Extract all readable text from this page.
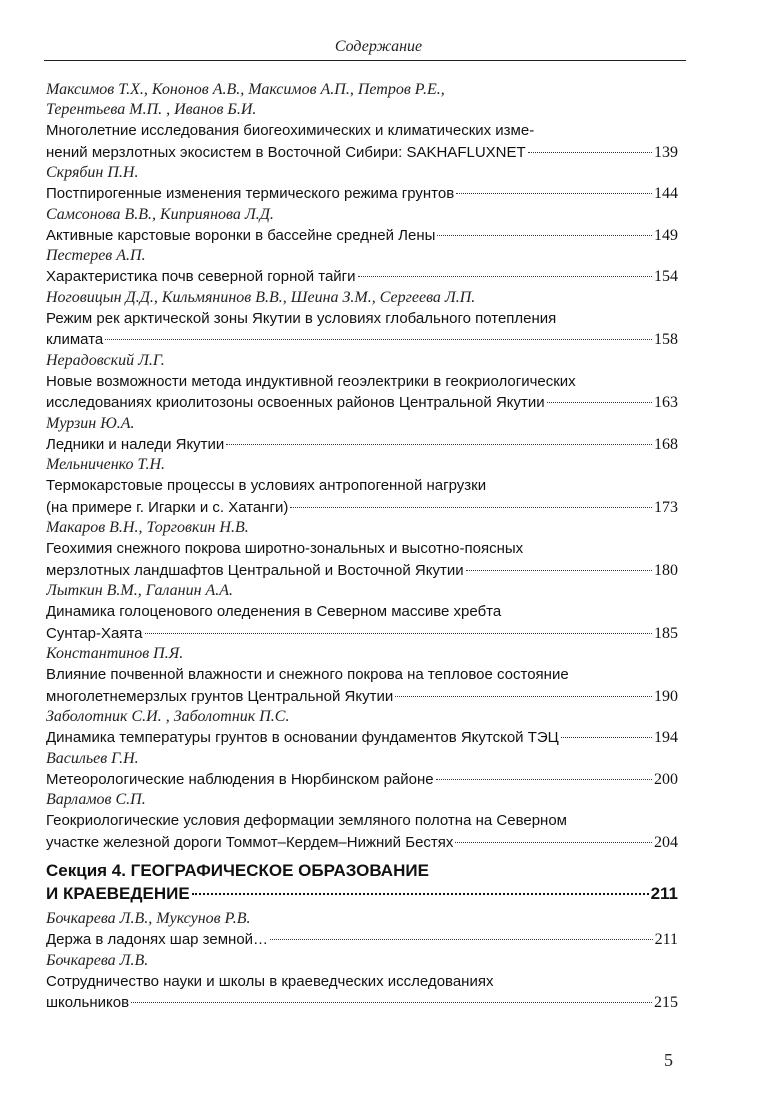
Содержание
Максимов Т.Х., Кононов А.В., Максимов А.П., Петров Р.Е.,
Терентьева М.П. , Иванов Б.И.
Многолетние исследования биогеохимических и климатических изме-
нений мерзлотных экосистем в Восточной Сибири: SAKHAFLUXNET	139
Скрябин П.Н.
Постпирогенные изменения термического режима грунтов	144
Самсонова В.В., Киприянова Л.Д.
Активные карстовые воронки в бассейне средней Лены	149
Пестерев А.П.
Характеристика почв северной горной тайги	154
Ноговицын Д.Д., Кильмянинов В.В., Шеина З.М., Сергеева Л.П.
Режим рек арктической зоны Якутии в условиях глобального потепления
климата	158
Нерадовский Л.Г.
Новые возможности метода индуктивной геоэлектрики в геокриологических
исследованиях криолитозоны освоенных районов Центральной Якутии	163
Мурзин Ю.А.
Ледники и наледи Якутии	168
Мельниченко Т.Н.
Термокарстовые процессы в условиях антропогенной нагрузки
(на примере г. Игарки и с. Хатанги)	173
Макаров В.Н., Торговкин Н.В.
Геохимия снежного покрова широтно-зональных и высотно-поясных
мерзлотных ландшафтов Центральной и Восточной Якутии	180
Лыткин В.М., Галанин А.А.
Динамика голоценового оледенения в Северном массиве хребта
Сунтар-Хаята	185
Константинов П.Я.
Влияние почвенной влажности и снежного покрова на тепловое состояние
многолетнемерзлых грунтов Центральной Якутии	190
Заболотник С.И. , Заболотник П.С.
Динамика температуры грунтов в основании фундаментов Якутской ТЭЦ	194
Васильев Г.Н.
Метеорологические наблюдения в Нюрбинском районе	200
Варламов С.П.
Геокриологические условия деформации земляного полотна на Северном
участке железной дороги Томмот–Кердем–Нижний Бестях	204
Секция 4. ГЕОГРАФИЧЕСКОЕ ОБРАЗОВАНИЕ
И КРАЕВЕДЕНИЕ	211
Бочкарева Л.В., Муксунов Р.В.
Держа в ладонях шар земной…	211
Бочкарева Л.В.
Сотрудничество науки и школы в краеведческих исследованиях
школьников	215
5
